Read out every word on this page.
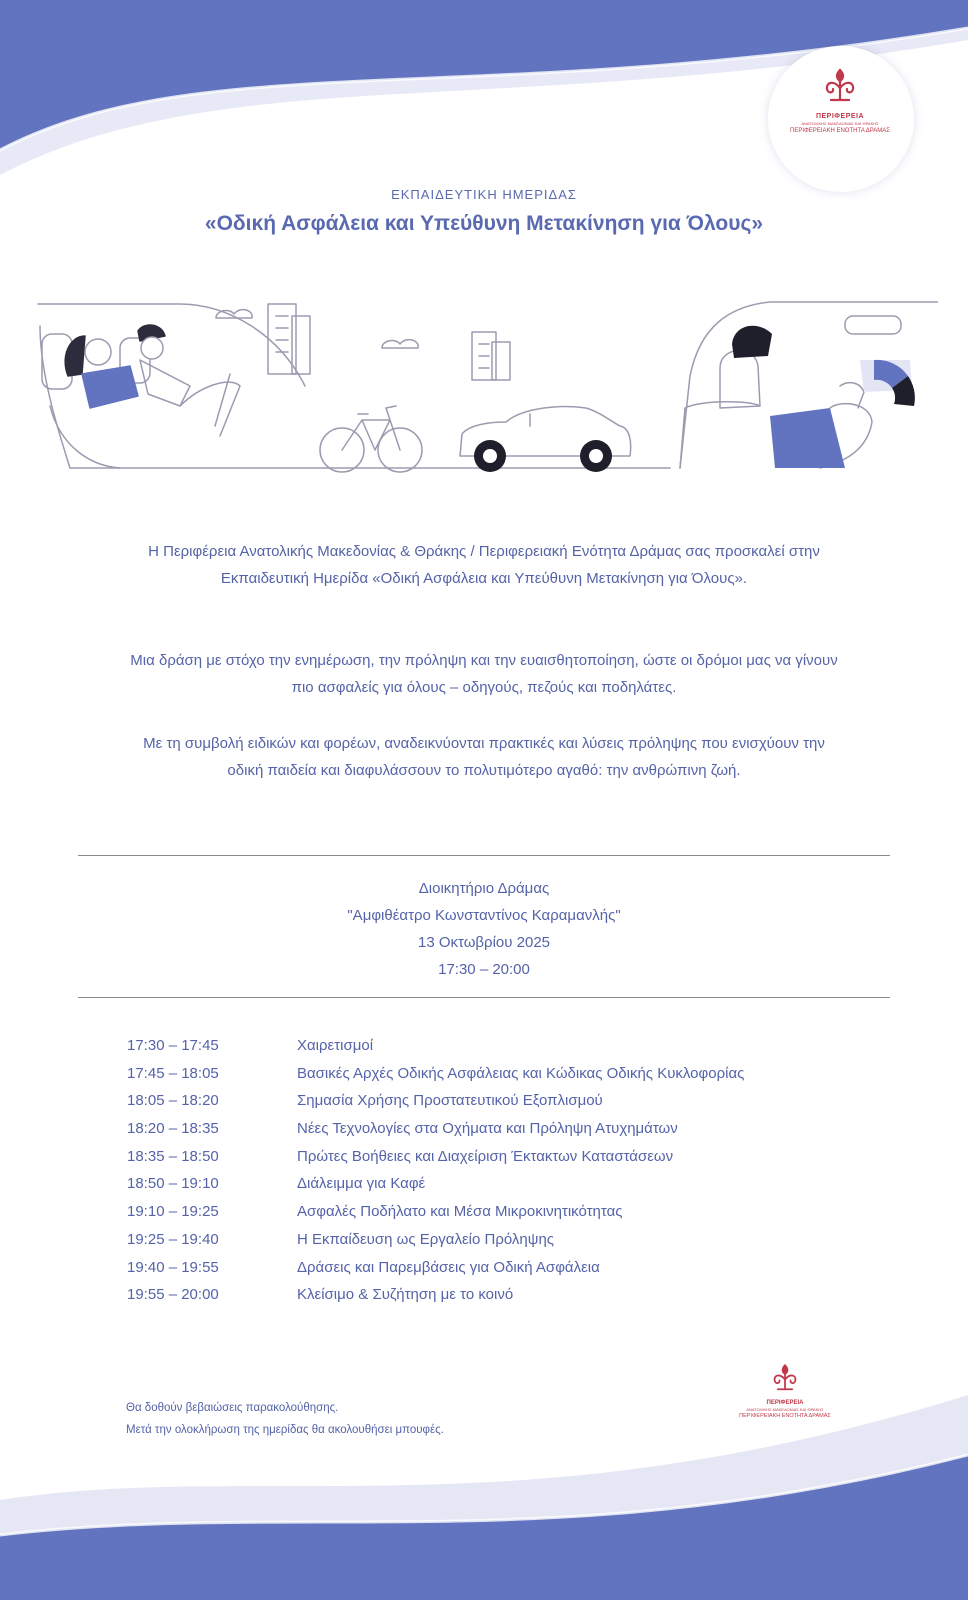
ΠΕΡΙΦΕΡΕΙΑ
ΑΝΑΤΟΛΙΚΗΣ ΜΑΚΕΔΟΝΙΑΣ ΚΑΙ ΘΡΑΚΗΣ
ΠΕΡΙΦΕΡΕΙΑΚΗ ΕΝΟΤΗΤΑ ΔΡΑΜΑΣ
ΕΚΠΑΙΔΕΥΤΙΚΗ ΗΜΕΡΙΔΑΣ
«Οδική Ασφάλεια και Υπεύθυνη Μετακίνηση για Όλους»
Η Περιφέρεια Ανατολικής Μακεδονίας & Θράκης / Περιφερειακή Ενότητα Δράμας σας προσκαλεί στην Εκπαιδευτική Ημερίδα «Οδική Ασφάλεια και Υπεύθυνη Μετακίνηση για Όλους».
Μια δράση με στόχο την ενημέρωση, την πρόληψη και την ευαισθητοποίηση, ώστε οι δρόμοι μας να γίνουν πιο ασφαλείς για όλους – οδηγούς, πεζούς και ποδηλάτες.
Με τη συμβολή ειδικών και φορέων, αναδεικνύονται πρακτικές και λύσεις πρόληψης που ενισχύουν την οδική παιδεία και διαφυλάσσουν το πολυτιμότερο αγαθό: την ανθρώπινη ζωή.
Διοικητήριο Δράμας
"Αμφιθέατρο Κωνσταντίνος Καραμανλής"
13 Οκτωβρίου 2025
17:30 – 20:00
17:30 – 17:45	Χαιρετισμοί
17:45 – 18:05	Βασικές Αρχές Οδικής Ασφάλειας και Κώδικας Οδικής Κυκλοφορίας
18:05 – 18:20	Σημασία Χρήσης Προστατευτικού Εξοπλισμού
18:20 – 18:35	Νέες Τεχνολογίες στα Οχήματα και Πρόληψη Ατυχημάτων
18:35 – 18:50	Πρώτες Βοήθειες και Διαχείριση Έκτακτων Καταστάσεων
18:50 – 19:10	Διάλειμμα για Καφέ
19:10 – 19:25	Ασφαλές Ποδήλατο και Μέσα Μικροκινητικότητας
19:25 – 19:40	Η Εκπαίδευση ως Εργαλείο Πρόληψης
19:40 – 19:55	Δράσεις και Παρεμβάσεις για Οδική Ασφάλεια
19:55 – 20:00	Κλείσιμο & Συζήτηση με το κοινό
Θα δοθούν βεβαιώσεις παρακολούθησης.
Μετά την ολοκλήρωση της ημερίδας θα ακολουθήσει μπουφές.
ΠΕΡΙΦΕΡΕΙΑ
ΑΝΑΤΟΛΙΚΗΣ ΜΑΚΕΔΟΝΙΑΣ ΚΑΙ ΘΡΑΚΗΣ
ΠΕΡΙΦΕΡΕΙΑΚΗ ΕΝΟΤΗΤΑ ΔΡΑΜΑΣ
